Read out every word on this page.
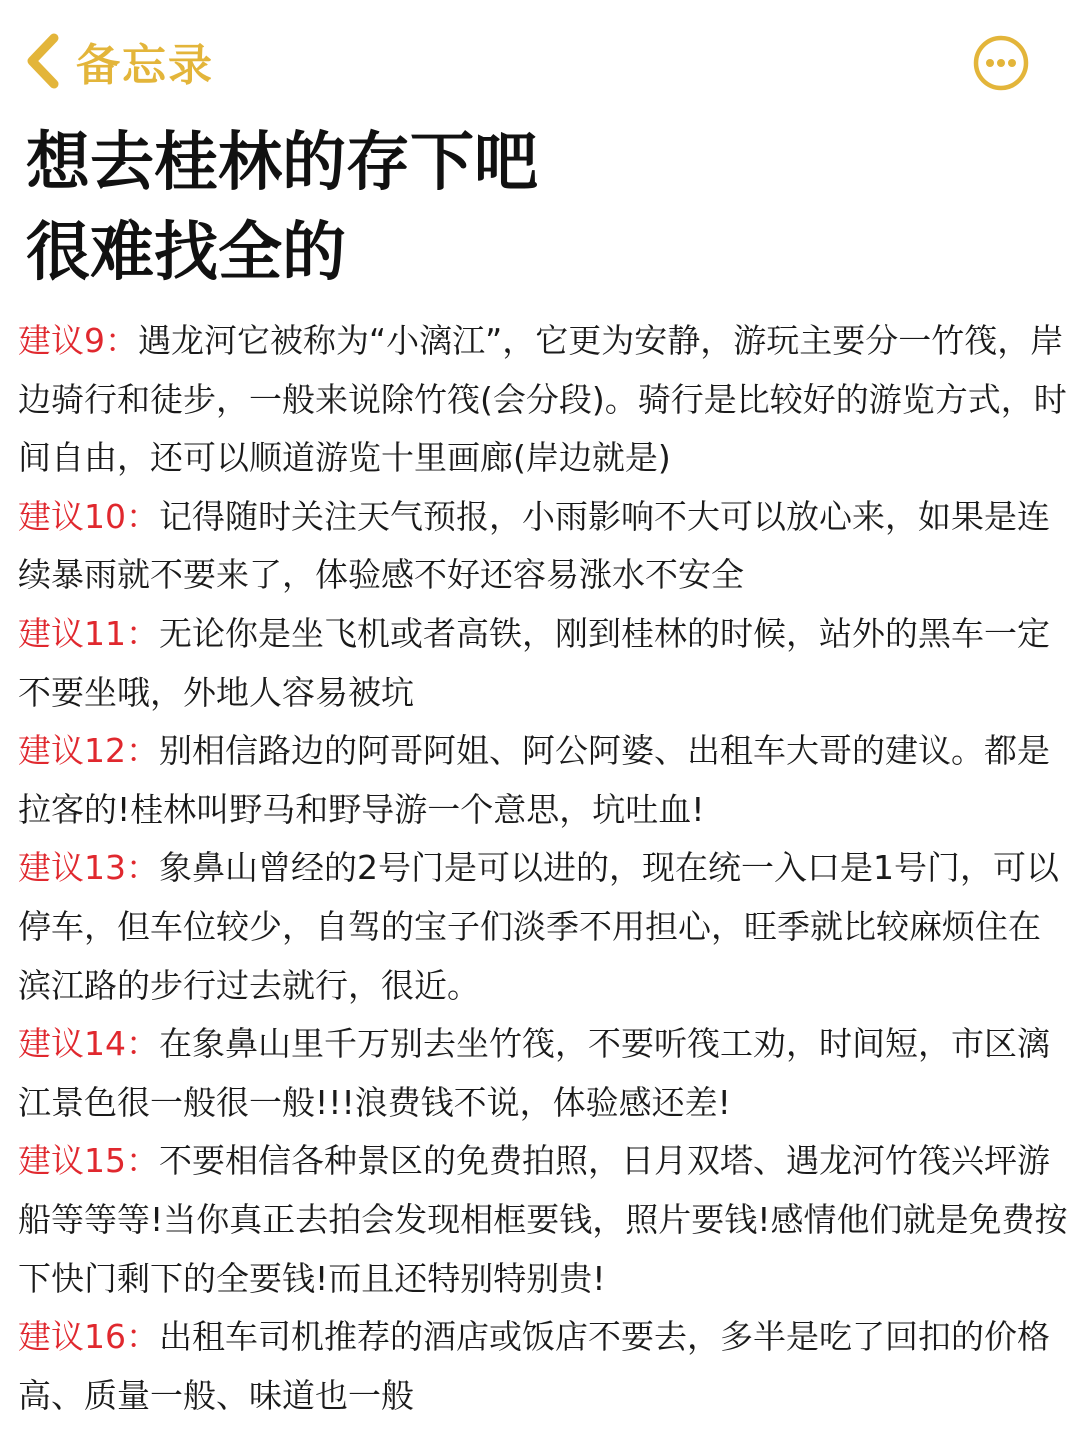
备忘录
想去桂林的存下吧
很难找全的
建议9：遇龙河它被称为“小漓江”，它更为安静，游玩主要分一竹筏，岸边骑行和徒步，一般来说除竹筏(会分段)。骑行是比较好的游览方式，时间自由，还可以顺道游览十里画廊(岸边就是)
建议10：记得随时关注天气预报，小雨影响不大可以放心来，如果是连续暴雨就不要来了，体验感不好还容易涨水不安全
建议11：无论你是坐飞机或者高铁，刚到桂林的时候，站外的黑车一定不要坐哦，外地人容易被坑
建议12：别相信路边的阿哥阿姐、阿公阿婆、出租车大哥的建议。都是拉客的!桂林叫野马和野导游一个意思，坑吐血!
建议13：象鼻山曾经的2号门是可以进的，现在统一入口是1号门，可以停车，但车位较少，自驾的宝子们淡季不用担心，旺季就比较麻烦住在滨江路的步行过去就行，很近。
建议14：在象鼻山里千万别去坐竹筏，不要听筏工劝，时间短，市区漓江景色很一般很一般!!!浪费钱不说，体验感还差!
建议15：不要相信各种景区的免费拍照，日月双塔、遇龙河竹筏兴坪游船等等等!当你真正去拍会发现相框要钱，照片要钱!感情他们就是免费按下快门剩下的全要钱!而且还特别特别贵!
建议16：出租车司机推荐的酒店或饭店不要去，多半是吃了回扣的价格高、质量一般、味道也一般
